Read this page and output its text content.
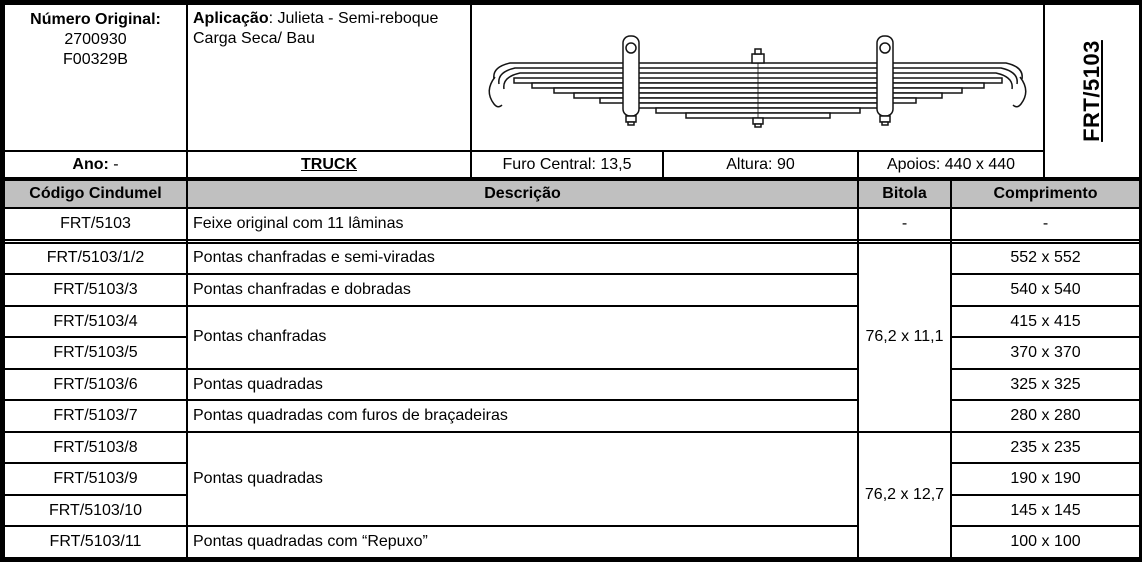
Número Original:
2700930
F00329B	Aplicação: Julieta - Semi-reboque Carga Seca/ Bau				FRT/5103

Ano: -	TRUCK	Furo Central: 13,5	Altura: 90	Apoios: 440 x 440	
Código Cindumel	Descrição	Bitola	Comprimento
FRT/5103	Feixe original com 11 lâminas	-	-

FRT/5103/1/2	Pontas chanfradas e semi-viradas	76,2 x 11,1	552 x 552
FRT/5103/3	Pontas chanfradas e dobradas		540 x 540
FRT/5103/4	Pontas chanfradas		415 x 415
FRT/5103/5			370 x 370
FRT/5103/6	Pontas quadradas		325 x 325
FRT/5103/7	Pontas quadradas com furos de braçadeiras		280 x 280
FRT/5103/8	Pontas quadradas	76,2 x 12,7	235 x 235
FRT/5103/9			190 x 190
FRT/5103/10			145 x 145
FRT/5103/11	Pontas quadradas com “Repuxo”		100 x 100
